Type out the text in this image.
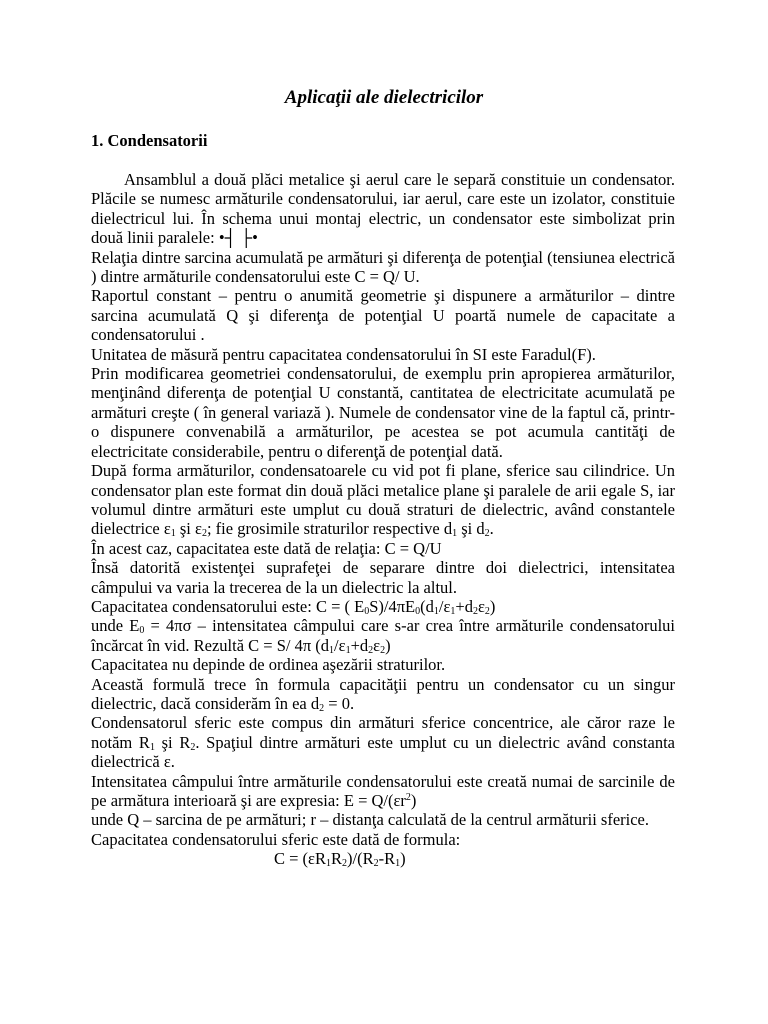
Aplicaţii ale dielectricilor
1. Condensatorii

Ansamblul a două plăci metalice şi aerul care le separă constituie un condensator. Plăcile se numesc armăturile condensatorului, iar aerul, care este un izolator, constituie dielectricul lui. În schema unui montaj electric, un condensator este simbolizat prin două linii paralele: •┤ ├•

Relaţia dintre sarcina acumulată pe armături şi diferenţa de potenţial (tensiunea electrică ) dintre armăturile condensatorului este C = Q/ U.

Raportul constant – pentru o anumită geometrie şi dispunere a armăturilor – dintre sarcina acumulată Q şi diferenţa de potenţial U poartă numele de capacitate a condensatorului .

Unitatea de măsură pentru capacitatea condensatorului în SI este Faradul(F).

Prin modificarea geometriei condensatorului, de exemplu prin apropierea armăturilor, menţinând diferenţa de potenţial U constantă, cantitatea de electricitate acumulată pe armături creşte ( în general variază ). Numele de condensator vine de la faptul că, printr-o dispunere convenabilă a armăturilor, pe acestea se pot acumula cantităţi de electricitate considerabile, pentru o diferenţă de potenţial dată.

După forma armăturilor, condensatoarele cu vid pot fi plane, sferice sau cilindrice. Un condensator plan este format din două plăci metalice plane şi paralele de arii egale S, iar volumul dintre armături este umplut cu două straturi de dielectric, având constantele dielectrice $\varepsilon_1$ şi $\varepsilon_2$; fie grosimile straturilor respective $d_1$ şi $d_2$.

În acest caz, capacitatea este dată de relaţia: C = Q/U

Însă datorită existenţei suprafeţei de separare dintre doi dielectrici, intensitatea câmpului va varia la trecerea de la un dielectric la altul.

Capacitatea condensatorului este: C = ( $E_0S)/4\pi E_0(d_1/\varepsilon_1+d_2\varepsilon_2)$

unde $E_0 = 4\pi\sigma$ – intensitatea câmpului care s-ar crea între armăturile condensatorului încărcat în vid. Rezultă C = S/ 4π $(d_1/\varepsilon_1+d_2\varepsilon_2)$

Capacitatea nu depinde de ordinea aşezării straturilor.

Această formulă trece în formula capacităţii pentru un condensator cu un singur dielectric, dacă considerăm în ea $d_2 = 0$.

Condensatorul sferic este compus din armături sferice concentrice, ale căror raze le notăm $R_1$ şi $R_2$. Spaţiul dintre armături este umplut cu un dielectric având constanta dielectrică ε.

Intensitatea câmpului între armăturile condensatorului este creată numai de sarcinile de pe armătura interioară şi are expresia: $E = Q/(\varepsilon r^2)$

unde Q – sarcina de pe armături; r – distanţa calculată de la centrul armăturii sferice.

Capacitatea condensatorului sferic este dată de formula:

$C = (\varepsilon R_1R_2)/(R_2-R_1)$
